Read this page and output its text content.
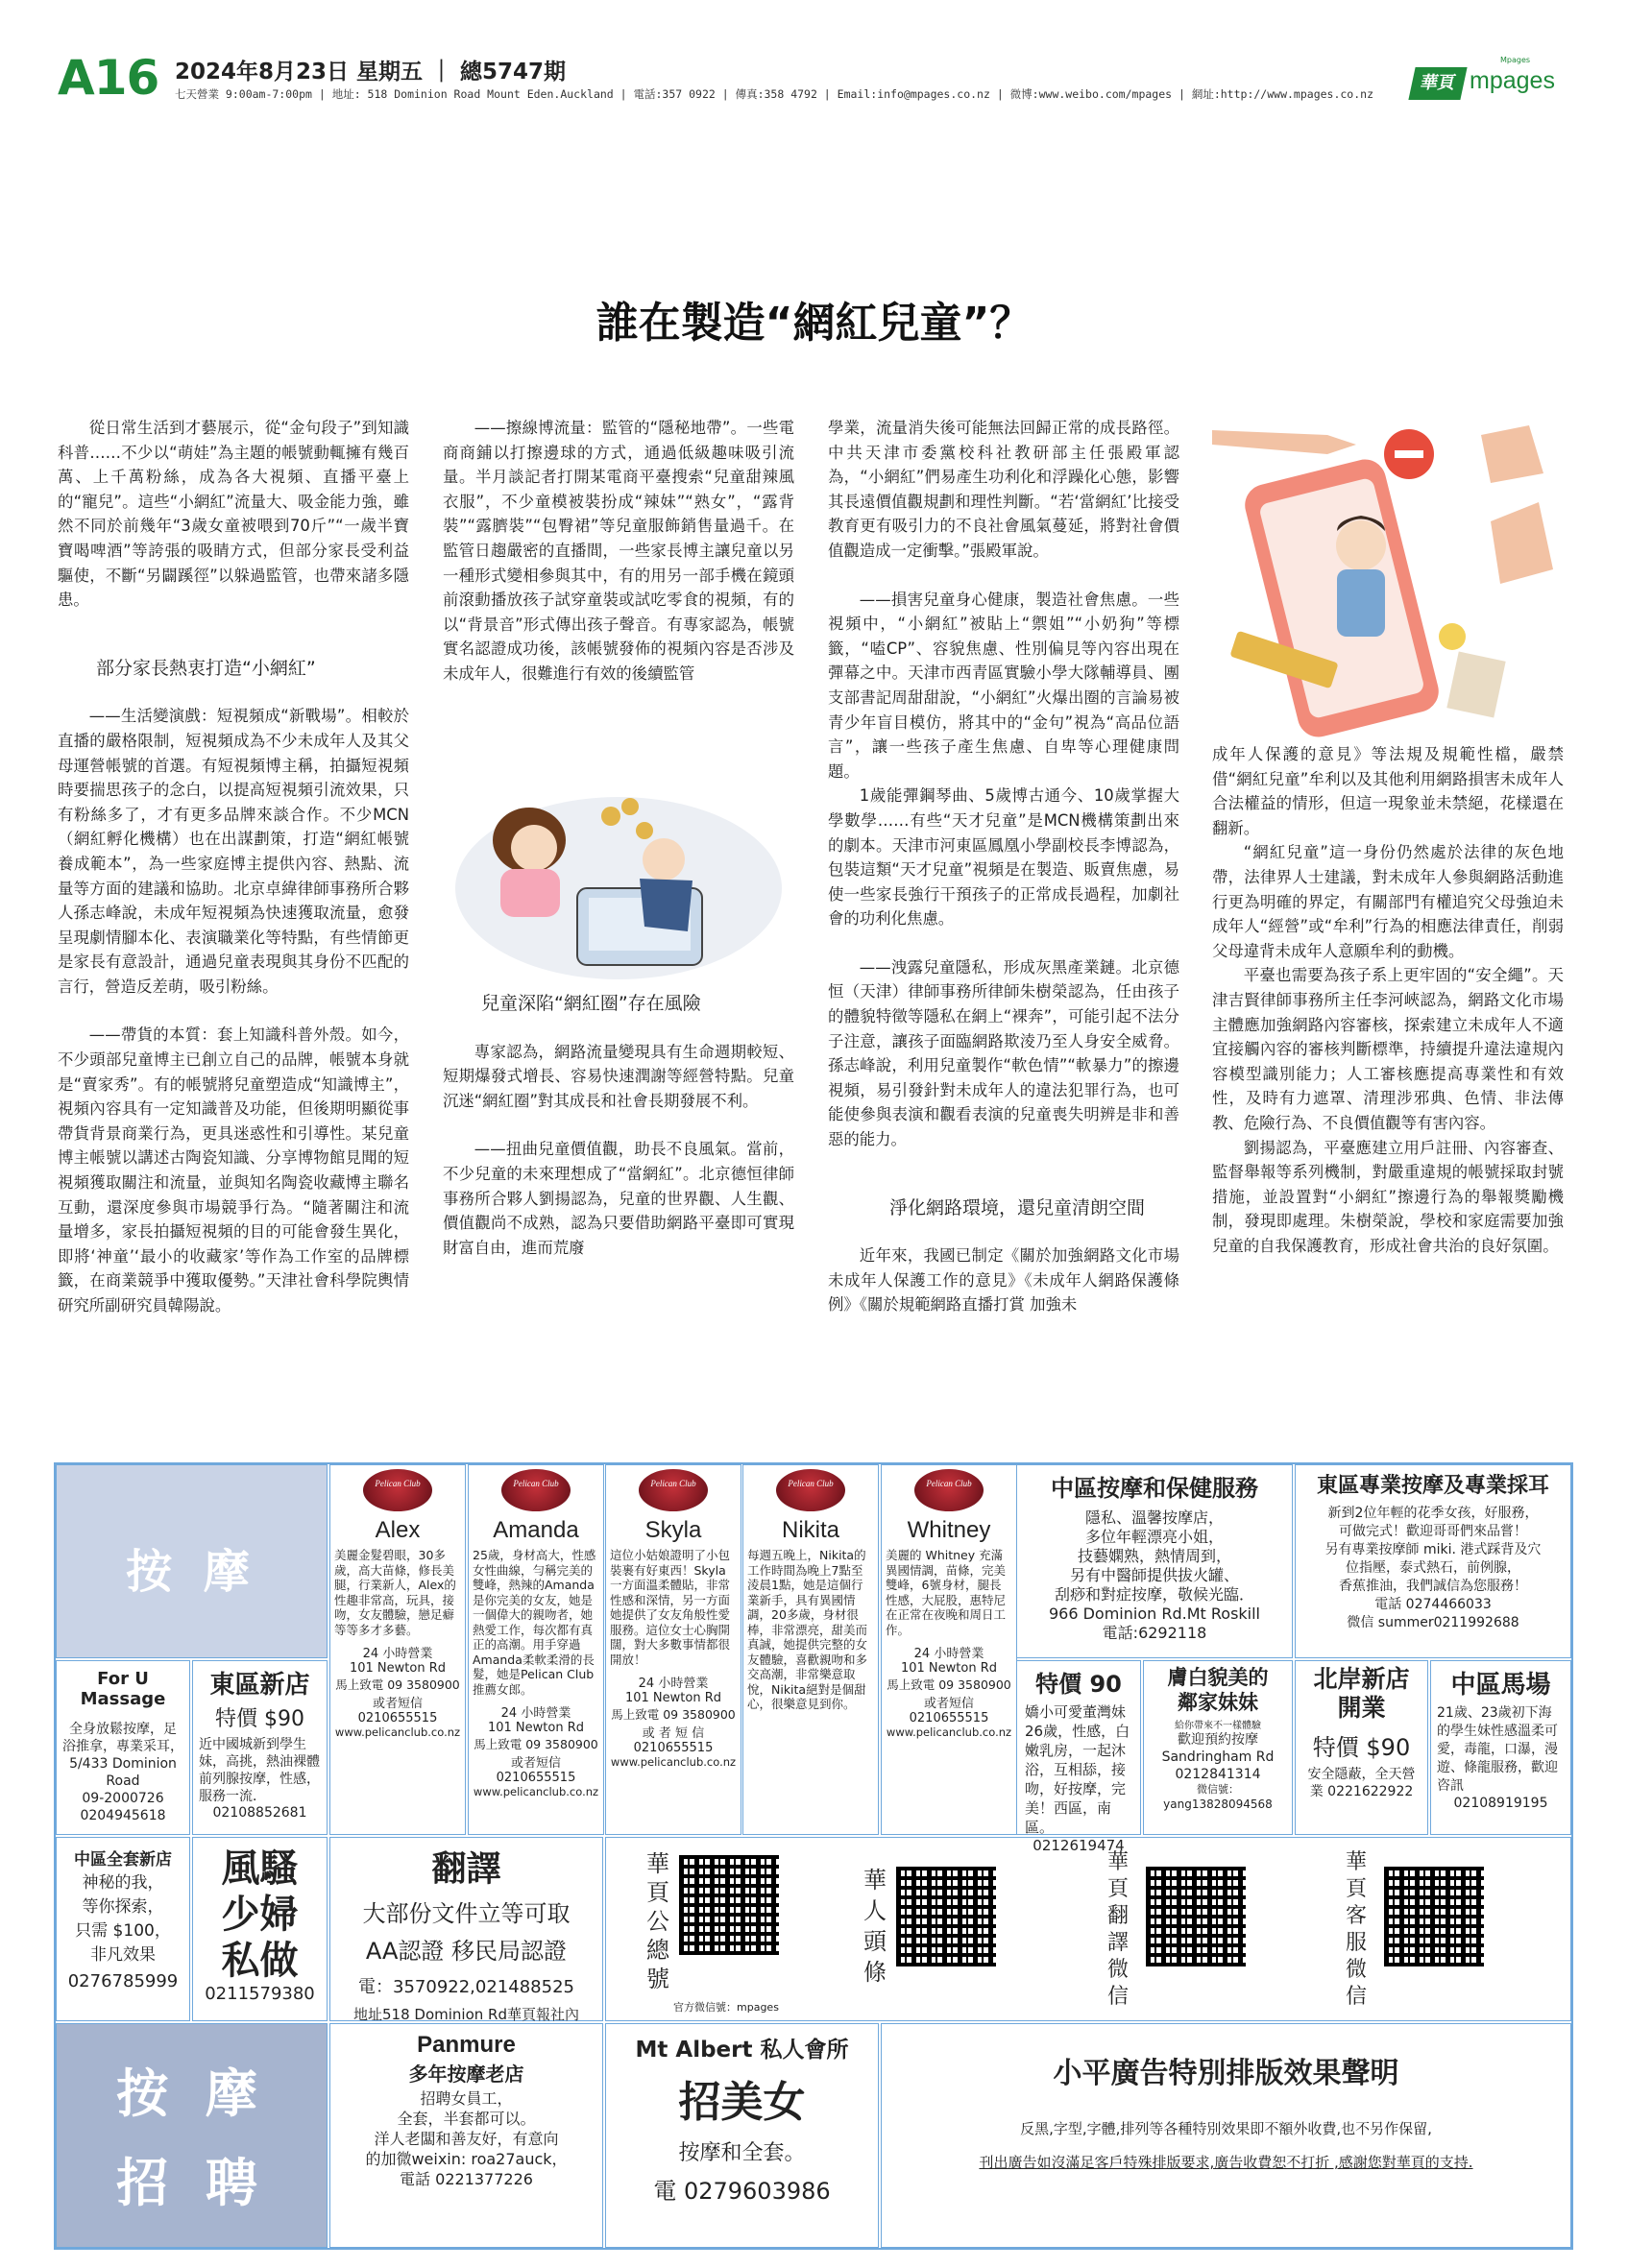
A16 2024年8月23日 星期五 ｜ 總5747期
七天營業 9:00am-7:00pm | 地址: 518 Dominion Road Mount Eden.Auckland | 電話:357 0922 | 傳真:358 4792 | Email:info@mpages.co.nz | 微博:www.weibo.com/mpages | 網址:http://www.mpages.co.nz
華頁
Mpages
mpages
誰在製造“網紅兒童”？

從日常生活到才藝展示，從“金句段子”到知識科普……不少以“萌娃”為主題的帳號動輒擁有幾百萬、上千萬粉絲，成為各大視頻、直播平臺上的“寵兒”。這些“小網紅”流量大、吸金能力強，雖然不同於前幾年“3歲女童被喂到70斤”“一歲半寶寶喝啤酒”等誇張的吸睛方式，但部分家長受利益驅使，不斷“另闢蹊徑”以躲過監管，也帶來諸多隱患。

部分家長熱衷打造“小網紅”

——生活變演戲：短視頻成“新戰場”。相較於直播的嚴格限制，短視頻成為不少未成年人及其父母運營帳號的首選。有短視頻博主稱，拍攝短視頻時要揣思孩子的念白，以提高短視頻引流效果，只有粉絲多了，才有更多品牌來談合作。不少MCN（網紅孵化機構）也在出謀劃策，打造“網紅帳號養成範本”，為一些家庭博主提供內容、熱點、流量等方面的建議和協助。北京卓緯律師事務所合夥人孫志峰說，未成年短視頻為快速獲取流量，愈發呈現劇情腳本化、表演職業化等特點，有些情節更是家長有意設計，通過兒童表現與其身份不匹配的言行，營造反差萌，吸引粉絲。

——帶貨的本質：套上知識科普外殼。如今，不少頭部兒童博主已創立自己的品牌，帳號本身就是“賣家秀”。有的帳號將兒童塑造成“知識博主”，視頻內容具有一定知識普及功能，但後期明顯從事帶貨背景商業行為，更具迷惑性和引導性。某兒童博主帳號以講述古陶瓷知識、分享博物館見聞的短視頻獲取關注和流量，並與知名陶瓷收藏博主聯名互動，還深度參與市場競爭行為。“隨著關注和流量增多，家長拍攝短視頻的目的可能會發生異化，即將‘神童’‘最小的收藏家’等作為工作室的品牌標籤，在商業競爭中獲取優勢。”天津社會科學院輿情研究所副研究員韓陽說。

——擦線博流量：監管的“隱秘地帶”。一些電商商鋪以打擦邊球的方式，通過低級趣味吸引流量。半月談記者打開某電商平臺搜索“兒童甜辣風衣服”，不少童模被裝扮成“辣妹”“熟女”，“露背裝”“露臍裝”“包臀裙”等兒童服飾銷售量過千。在監管日趨嚴密的直播間，一些家長博主讓兒童以另一種形式變相參與其中，有的用另一部手機在鏡頭前滾動播放孩子試穿童裝或試吃零食的視頻，有的以“背景音”形式傳出孩子聲音。有專家認為，帳號實名認證成功後，該帳號發佈的視頻內容是否涉及未成年人，很難進行有效的後續監管

兒童深陷“網紅圈”存在風險

專家認為，網路流量變現具有生命週期較短、短期爆發式增長、容易快速潤謝等經營特點。兒童沉迷“網紅圈”對其成長和社會長期發展不利。

——扭曲兒童價值觀，助長不良風氣。當前，不少兒童的未來理想成了“當網紅”。北京德恒律師事務所合夥人劉揚認為，兒童的世界觀、人生觀、價值觀尚不成熟，認為只要借助網路平臺即可實現財富自由，進而荒廢

學業，流量消失後可能無法回歸正常的成長路徑。中共天津市委黨校科社教研部主任張殿軍認為，“小網紅”們易產生功利化和浮躁化心態，影響其長遠價值觀規劃和理性判斷。“若‘當網紅’比接受教育更有吸引力的不良社會風氣蔓延，將對社會價值觀造成一定衝擊。”張殿軍說。

——損害兒童身心健康，製造社會焦慮。一些視頻中，“小網紅”被貼上“禦姐”“小奶狗”等標籤，“嗑CP”、容貌焦慮、性別偏見等內容出現在彈幕之中。天津市西青區實驗小學大隊輔導員、團支部書記周甜甜說，“小網紅”火爆出圈的言論易被青少年盲目模仿，將其中的“金句”視為“高品位語言”，讓一些孩子產生焦慮、自卑等心理健康問題。

1歲能彈鋼琴曲、5歲博古通今、10歲掌握大學數學……有些“天才兒童”是MCN機構策劃出來的劇本。天津市河東區鳳凰小學副校長李博認為，包裝這類“天才兒童”視頻是在製造、販賣焦慮，易使一些家長強行干預孩子的正常成長過程，加劇社會的功利化焦慮。

——洩露兒童隱私，形成灰黑產業鏈。北京德恒（天津）律師事務所律師朱樹榮認為，任由孩子的體貌特徵等隱私在網上“裸奔”，可能引起不法分子注意，讓孩子面臨網路欺淩乃至人身安全威脅。孫志峰說，利用兒童製作“軟色情”“軟暴力”的擦邊視頻，易引發針對未成年人的違法犯罪行為，也可能使參與表演和觀看表演的兒童喪失明辨是非和善惡的能力。

淨化網路環境，還兒童清朗空間

近年來，我國已制定《關於加強網路文化市場未成年人保護工作的意見》《未成年人網路保護條例》《關於規範網路直播打賞 加強未

成年人保護的意見》等法規及規範性檔，嚴禁借“網紅兒童”牟利以及其他利用網路損害未成年人合法權益的情形，但這一現象並未禁絕，花樣還在翻新。

“網紅兒童”這一身份仍然處於法律的灰色地帶，法律界人士建議，對未成年人參與網路活動進行更為明確的界定，有關部門有權追究父母強迫未成年人“經營”或“牟利”行為的相應法律責任，削弱父母違背未成年人意願牟利的動機。

平臺也需要為孩子系上更牢固的“安全繩”。天津吉賢律師事務所主任李河峽認為，網路文化市場主體應加強網路內容審核，探索建立未成年人不適宜接觸內容的審核判斷標準，持續提升違法違規內容模型識別能力；人工審核應提高專業性和有效性，及時有力遮罩、清理涉邪典、色情、非法傳教、危險行為、不良價值觀等有害內容。

劉揚認為，平臺應建立用戶註冊、內容審查、監督舉報等系列機制，對嚴重違規的帳號採取封號措施，並設置對“小網紅”擦邊行為的舉報獎勵機制，發現即處理。朱樹榮說，學校和家庭需要加強兒童的自我保護教育，形成社會共治的良好氛圍。

按 摩
Pelican Club
Alex
美麗金髮碧眼，30多歲，高大苗條，修長美腿，行業新人，Alex的性趣非常高，玩具，接吻，女友體驗，戀足癖等等多才多藝。
24 小時營業
101 Newton Rd
馬上致電 09 3580900
或者短信
0210655515
www.pelicanclub.co.nz
Pelican Club
Amanda
25歲，身材高大，性感女性曲線，勻稱完美的雙峰，熱辣的Amanda是你完美的女友，她是一個偉大的親吻者，她熱愛工作，每次都有真正的高潮。用手穿過Amanda柔軟柔滑的長髮，她是Pelican Club 推薦女郎。
24 小時營業
101 Newton Rd
馬上致電 09 3580900
或者短信
0210655515
www.pelicanclub.co.nz
Pelican Club
Skyla
這位小姑娘證明了小包裝裹有好東西！Skyla一方面溫柔體貼，非常性感和深情，另一方面她提供了女友角般性愛服務。這位女士心胸開闊，對大多數事情都很開放！
24 小時營業
101 Newton Rd
馬上致電 09 3580900
或 者 短 信
0210655515
www.pelicanclub.co.nz
Pelican Club
Nikita
每週五晚上，Nikita的工作時間為晚上7點至淩晨1點，她是這個行業新手，具有異國情調，20多歲，身材很棒，非常漂亮，甜美而真誠，她提供完整的女友體驗，喜歡親吻和多交高潮，非常樂意取悅，Nikita絕對是個甜心，很樂意見到你。
Pelican Club
Whitney
美麗的 Whitney 充滿異國情調，苗條，完美雙峰，6號身材，腿長性感，大屁股，惠特尼在正常在夜晚和周日工作。
24 小時營業
101 Newton Rd
馬上致電 09 3580900
或者短信
0210655515
www.pelicanclub.co.nz
中區按摩和保健服務
隱私、溫馨按摩店，
多位年輕漂亮小姐，
技藝嫻熟，熱情周到，
另有中醫師提供拔火罐、
刮痧和對症按摩，敬候光臨．
966 Dominion Rd.Mt Roskill
電話:6292118
東區專業按摩及專業採耳
新到2位年輕的花季女孩，好服務，
可做完式！歡迎哥哥們來品嘗！
另有專業按摩師 miki. 港式踩背及穴
位指壓，泰式熱石，前例腺，
香蕉推油，我們誠信為您服務！
電話 0274466033
微信 summer0211992688
For U Massage
全身放鬆按摩，足
浴推拿，專業采耳，
5/433 Dominion
Road
09-2000726
0204945618
東區新店
特價 $90
近中國城新到學生妹，高挑，熱油裸體前列腺按摩，性感，服務一流．
02108852681
特價 90
嬌小可愛董灣妹26歲，性感，白嫩乳房，一起沐浴，互相舔，接吻，好按摩，完美！西區，南區。
0212619474
膚白貌美的
鄰家妹妹
給你帶來不一樣體驗
歡迎預約按摩
Sandringham Rd
0212841314
微信號：
yang13828094568
北岸新店
開業
特價 $90
安全隱蔽，全天營業 0221622922
中區馬場
21歲、23歲初下海的學生妹性感溫柔可愛，毒龍，口瀑，漫遊、條龍服務，歡迎咨訊
02108919195
中區全套新店
神秘的我，
等你探索，
只需 $100，
非凡效果
0276785999
風騷少婦私做
0211579380
翻譯
大部份文件立等可取
AA認證 移民局認證
電：3570922,021488525
地址518 Dominion Rd華頁報社內
華頁公總號
官方微信號：mpages
華人頭條
華頁翻譯微信
華頁客服微信
按 摩
招 聘
Panmure
多年按摩老店
招聘女員工，
全套，半套都可以。
洋人老闆和善友好，有意向
的加微weixin: roa27auck，
電話 0221377226
Mt Albert 私人會所
招美女
按摩和全套。
電 0279603986
小平廣告特別排版效果聲明
反黑,字型,字體,排列等各種特別效果即不額外收費,也不另作保留,
刊出廣告如沒滿足客戶特殊排版要求,廣告收費恕不打折 ,感謝您對華頁的支持.
